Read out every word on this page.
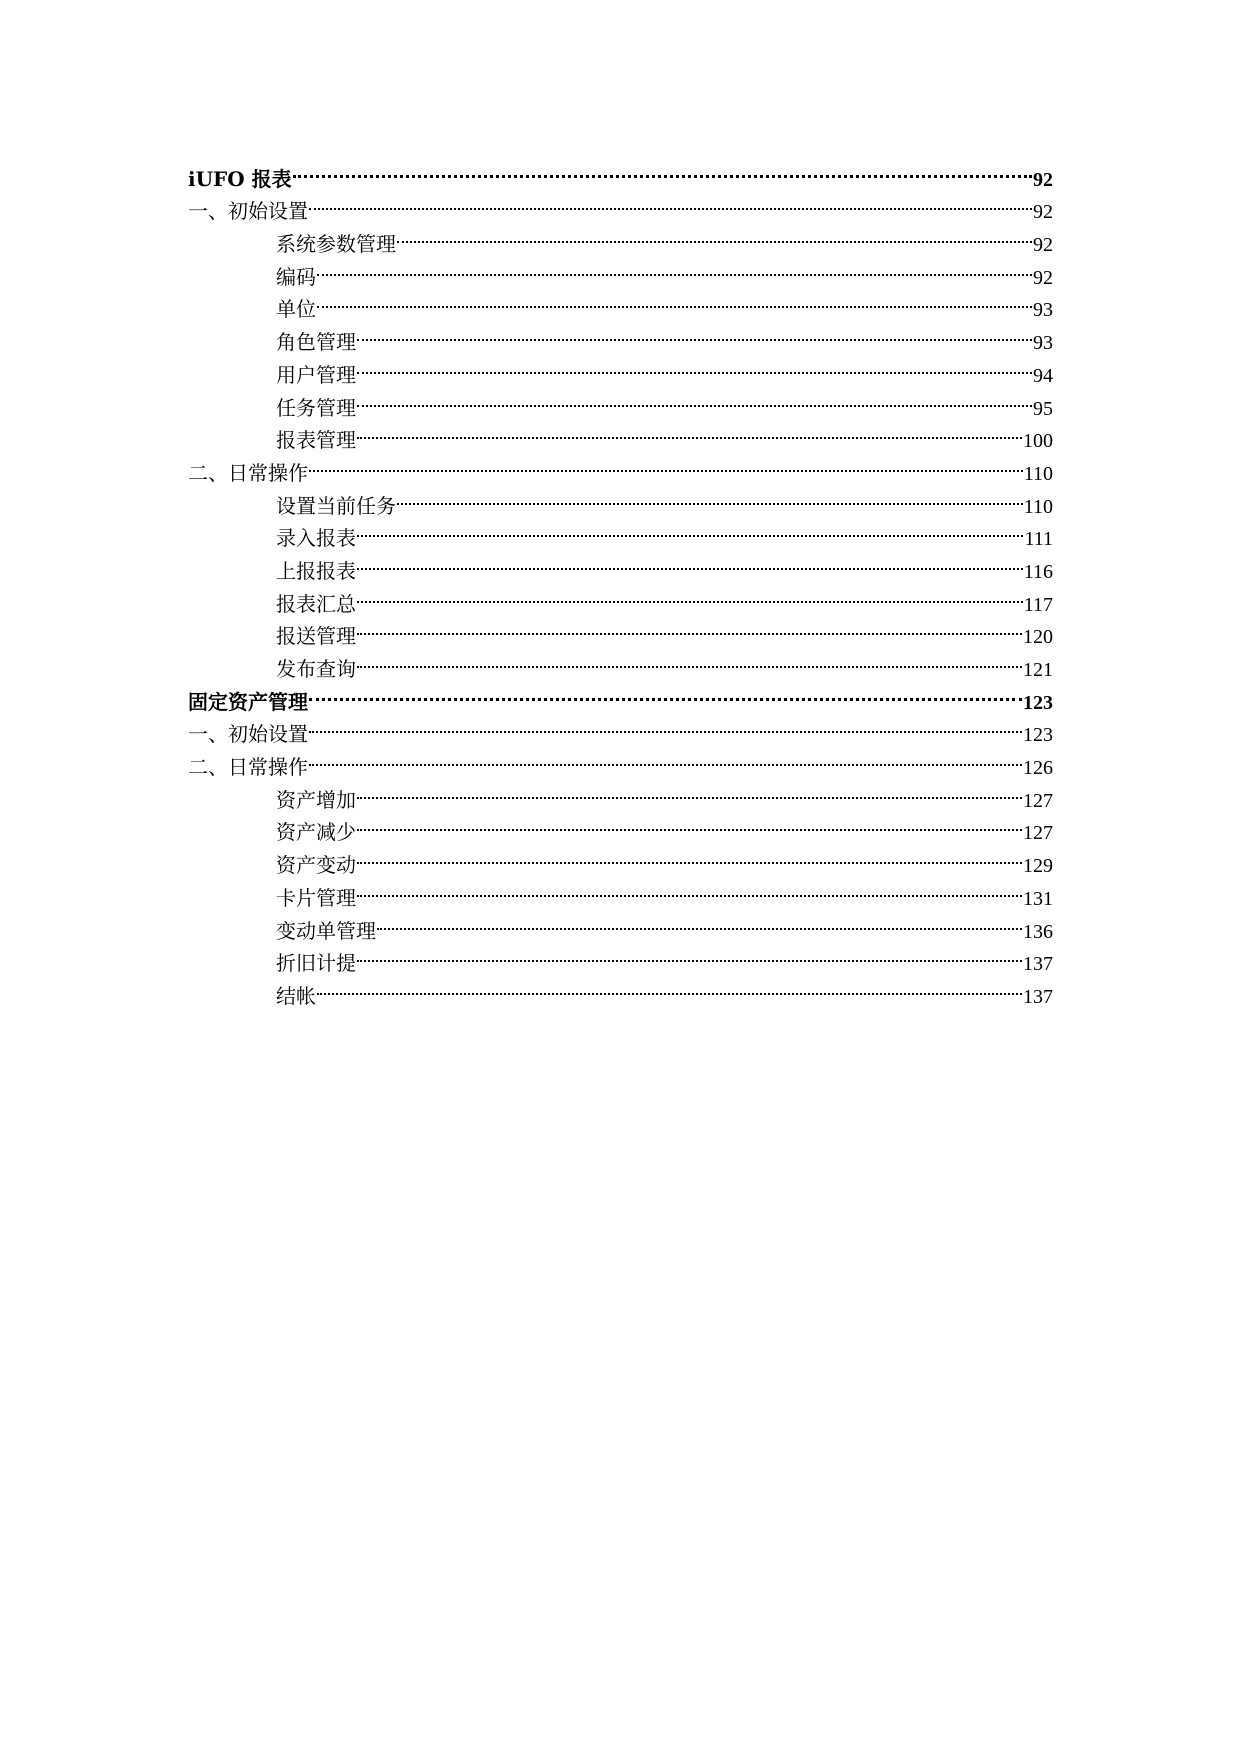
iUFO 报表	92
一、初始设置	92
系统参数管理	92
编码	92
单位	93
角色管理	93
用户管理	94
任务管理	95
报表管理	100
二、日常操作	110
设置当前任务	110
录入报表	111
上报报表	116
报表汇总	117
报送管理	120
发布查询	121
固定资产管理	123
一、初始设置	123
二、日常操作	126
资产增加	127
资产减少	127
资产变动	129
卡片管理	131
变动单管理	136
折旧计提	137
结帐	137
